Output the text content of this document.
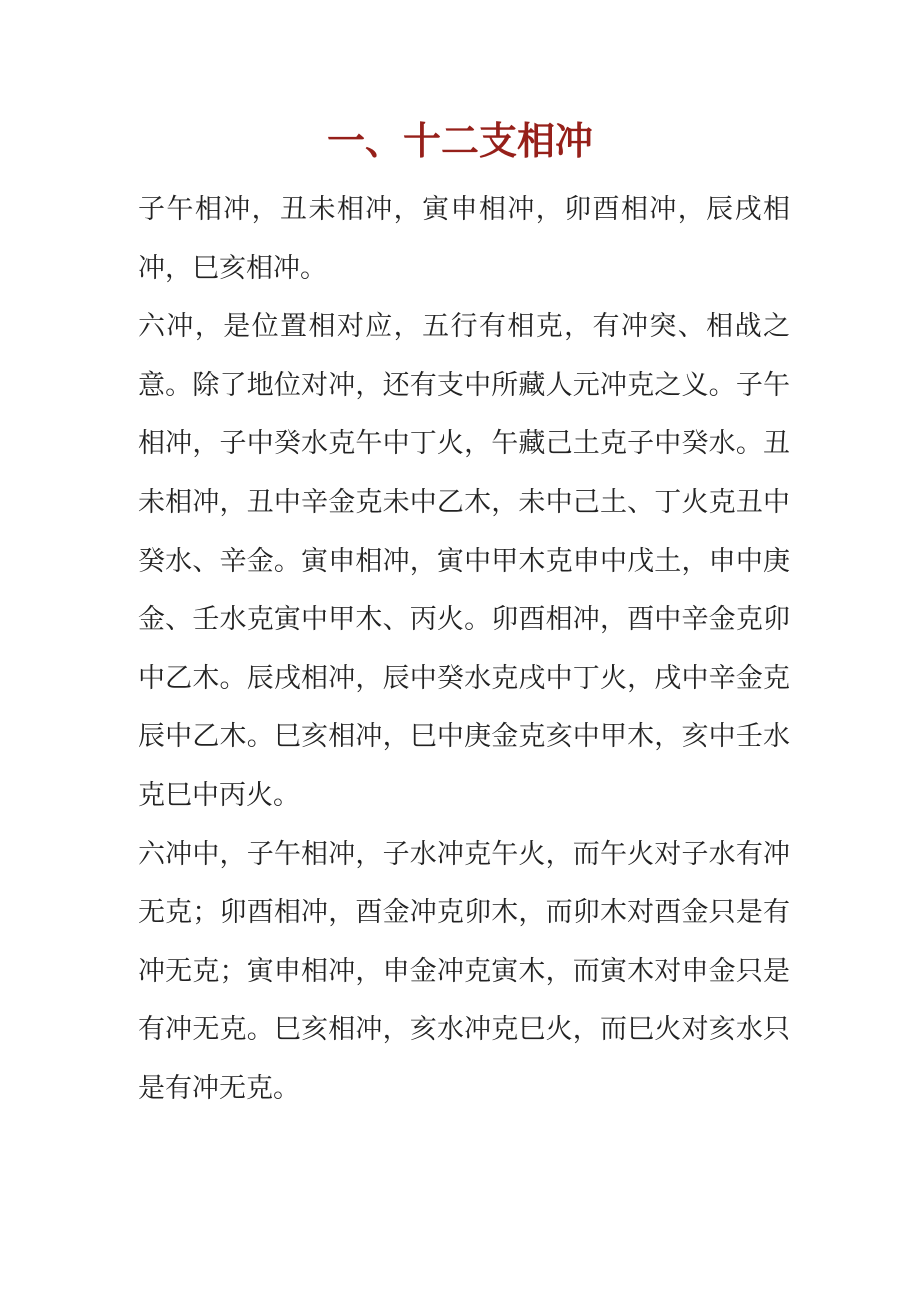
一、十二支相冲

子午相冲，丑未相冲，寅申相冲，卯酉相冲，辰戌相冲，巳亥相冲。

六冲，是位置相对应，五行有相克，有冲突、相战之意。除了地位对冲，还有支中所藏人元冲克之义。子午相冲，子中癸水克午中丁火，午藏己土克子中癸水。丑未相冲，丑中辛金克未中乙木，未中己土、丁火克丑中癸水、辛金。寅申相冲，寅中甲木克申中戊土，申中庚金、壬水克寅中甲木、丙火。卯酉相冲，酉中辛金克卯中乙木。辰戌相冲，辰中癸水克戌中丁火，戌中辛金克辰中乙木。巳亥相冲，巳中庚金克亥中甲木，亥中壬水克巳中丙火。

六冲中，子午相冲，子水冲克午火，而午火对子水有冲无克；卯酉相冲，酉金冲克卯木，而卯木对酉金只是有冲无克；寅申相冲，申金冲克寅木，而寅木对申金只是有冲无克。巳亥相冲，亥水冲克巳火，而巳火对亥水只是有冲无克。
